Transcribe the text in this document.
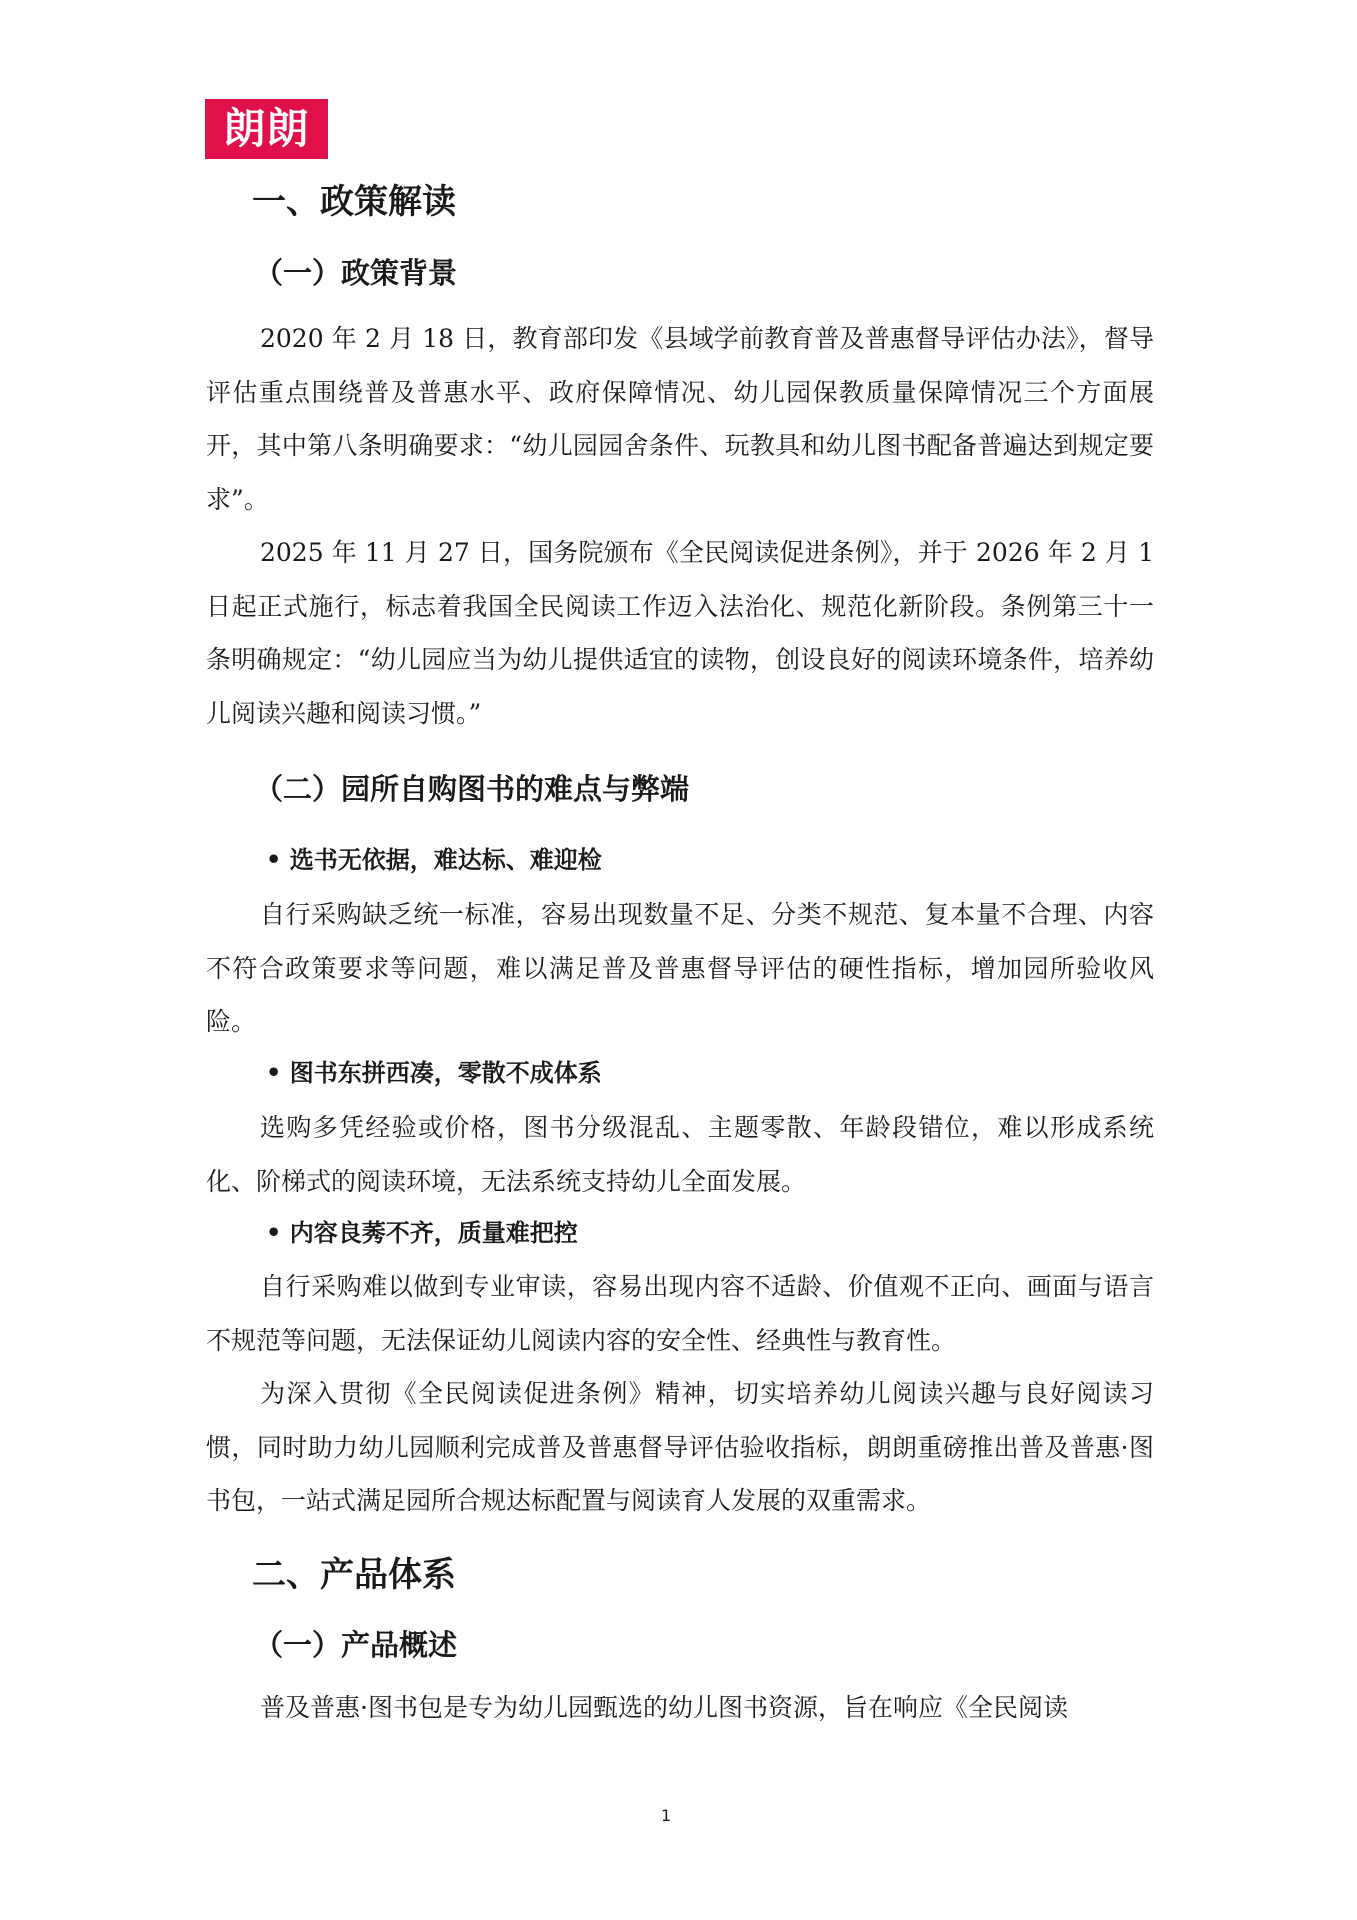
朗朗
一、政策解读
（一）政策背景

2020 年 2 月 18 日，教育部印发《县域学前教育普及普惠督导评估办法》，督导评估重点围绕普及普惠水平、政府保障情况、幼儿园保教质量保障情况三个方面展开，其中第八条明确要求：“幼儿园园舍条件、玩教具和幼儿图书配备普遍达到规定要求”。

2025 年 11 月 27 日，国务院颁布《全民阅读促进条例》，并于 2026 年 2 月 1 日起正式施行，标志着我国全民阅读工作迈入法治化、规范化新阶段。条例第三十一条明确规定：“幼儿园应当为幼儿提供适宜的读物，创设良好的阅读环境条件，培养幼儿阅读兴趣和阅读习惯。”

（二）园所自购图书的难点与弊端
• 选书无依据，难达标、难迎检

自行采购缺乏统一标准，容易出现数量不足、分类不规范、复本量不合理、内容不符合政策要求等问题，难以满足普及普惠督导评估的硬性指标，增加园所验收风险。

• 图书东拼西凑，零散不成体系

选购多凭经验或价格，图书分级混乱、主题零散、年龄段错位，难以形成系统化、阶梯式的阅读环境，无法系统支持幼儿全面发展。

• 内容良莠不齐，质量难把控

自行采购难以做到专业审读，容易出现内容不适龄、价值观不正向、画面与语言不规范等问题，无法保证幼儿阅读内容的安全性、经典性与教育性。

为深入贯彻《全民阅读促进条例》精神，切实培养幼儿阅读兴趣与良好阅读习惯，同时助力幼儿园顺利完成普及普惠督导评估验收指标，朗朗重磅推出普及普惠·图书包，一站式满足园所合规达标配置与阅读育人发展的双重需求。

二、产品体系
（一）产品概述

普及普惠·图书包是专为幼儿园甄选的幼儿图书资源，旨在响应《全民阅读

1
